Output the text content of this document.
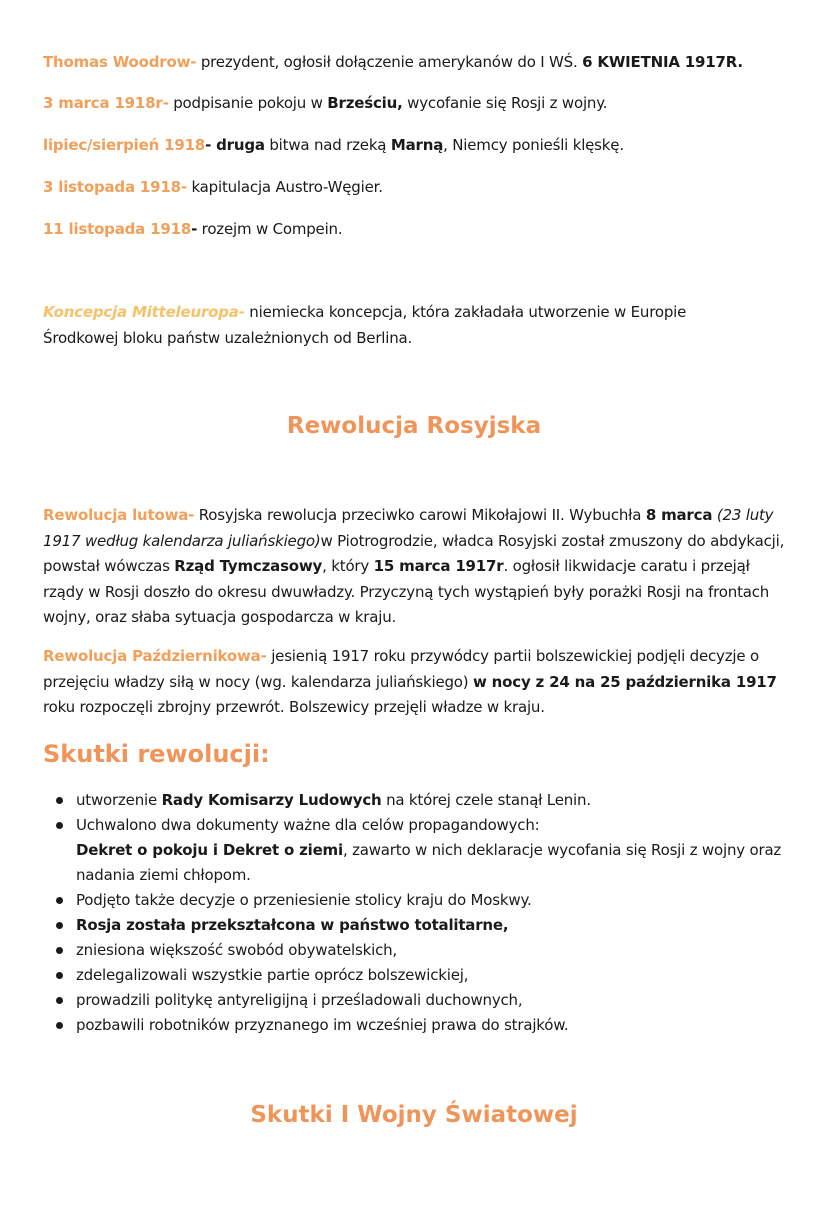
Thomas Woodrow- prezydent, ogłosił dołączenie amerykanów do I WŚ. 6 KWIETNIA 1917R.
3 marca 1918r- podpisanie pokoju w Brześciu, wycofanie się Rosji z wojny.
lipiec/sierpień 1918- druga bitwa nad rzeką Marną, Niemcy ponieśli klęskę.
3 listopada 1918- kapitulacja Austro-Węgier.
11 listopada 1918- rozejm w Compein.
Koncepcja Mitteleuropa- niemiecka koncepcja, która zakładała utworzenie w Europie Środkowej bloku państw uzależnionych od Berlina.
Rewolucja Rosyjska
Rewolucja lutowa- Rosyjska rewolucja przeciwko carowi Mikołajowi II. Wybuchła 8 marca (23 luty 1917 według kalendarza juliańskiego)w Piotrogrodzie, władca Rosyjski został zmuszony do abdykacji, powstał wówczas Rząd Tymczasowy, który 15 marca 1917r. ogłosił likwidacje caratu i przejął rządy w Rosji doszło do okresu dwuwładzy. Przyczyną tych wystąpień były porażki Rosji na frontach wojny, oraz słaba sytuacja gospodarcza w kraju.
Rewolucja Październikowa- jesienią 1917 roku przywódcy partii bolszewickiej podjęli decyzje o przejęciu władzy siłą w nocy (wg. kalendarza juliańskiego) w nocy z 24 na 25 października 1917 roku rozpoczęli zbrojny przewrót. Bolszewicy przejęli władze w kraju.
Skutki rewolucji:
utworzenie Rady Komisarzy Ludowych na której czele stanął Lenin.
Uchwalono dwa dokumenty ważne dla celów propagandowych:
Dekret o pokoju i Dekret o ziemi, zawarto w nich deklaracje wycofania się Rosji z wojny oraz nadania ziemi chłopom.
Podjęto także decyzje o przeniesienie stolicy kraju do Moskwy.
Rosja została przekształcona w państwo totalitarne,
zniesiona większość swobód obywatelskich,
zdelegalizowali wszystkie partie oprócz bolszewickiej,
prowadzili politykę antyreligijną i prześladowali duchownych,
pozbawili robotników przyznanego im wcześniej prawa do strajków.
Skutki I Wojny Światowej
